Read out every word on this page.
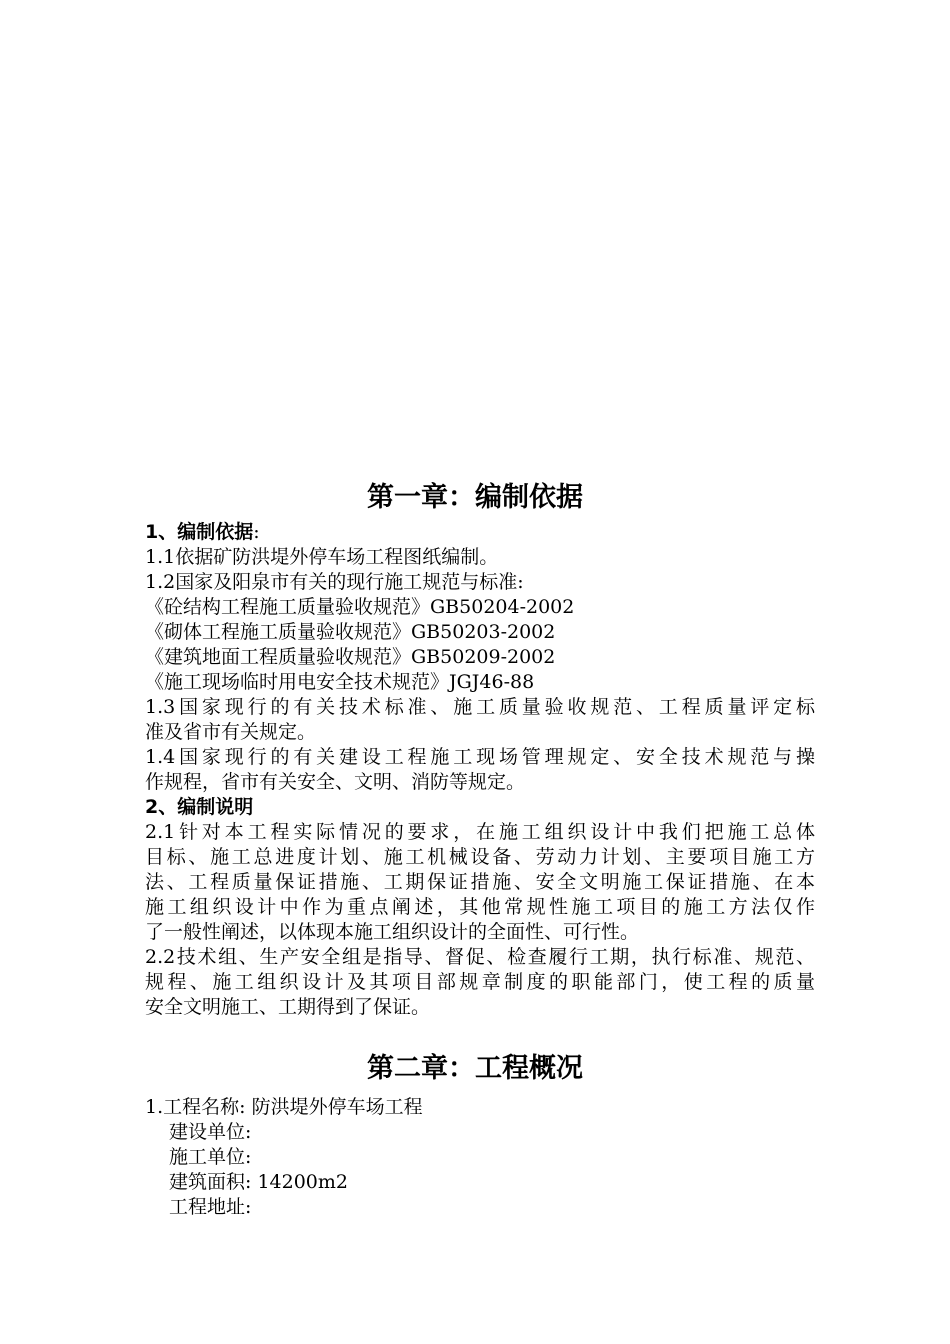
第一章：编制依据
1、编制依据:
1.1依据矿防洪堤外停车场工程图纸编制。
1.2国家及阳泉市有关的现行施工规范与标准:
《砼结构工程施工质量验收规范》GB50204-2002
《砌体工程施工质量验收规范》GB50203-2002
《建筑地面工程质量验收规范》GB50209-2002
《施工现场临时用电安全技术规范》JGJ46-88
1.3国家现行的有关技术标准、施工质量验收规范、工程质量评定标
准及省市有关规定。
1.4国家现行的有关建设工程施工现场管理规定、安全技术规范与操
作规程，省市有关安全、文明、消防等规定。
2、编制说明
2.1针对本工程实际情况的要求，在施工组织设计中我们把施工总体
目标、施工总进度计划、施工机械设备、劳动力计划、主要项目施工方
法、工程质量保证措施、工期保证措施、安全文明施工保证措施、在本
施工组织设计中作为重点阐述，其他常规性施工项目的施工方法仅作
了一般性阐述，以体现本施工组织设计的全面性、可行性。
2.2技术组、生产安全组是指导、督促、检查履行工期，执行标准、规范、
规程、施工组织设计及其项目部规章制度的职能部门，使工程的质量
安全文明施工、工期得到了保证。
第二章：工程概况
1.工程名称: 防洪堤外停车场工程
建设单位:
施工单位:
建筑面积: 14200m2
工程地址:
